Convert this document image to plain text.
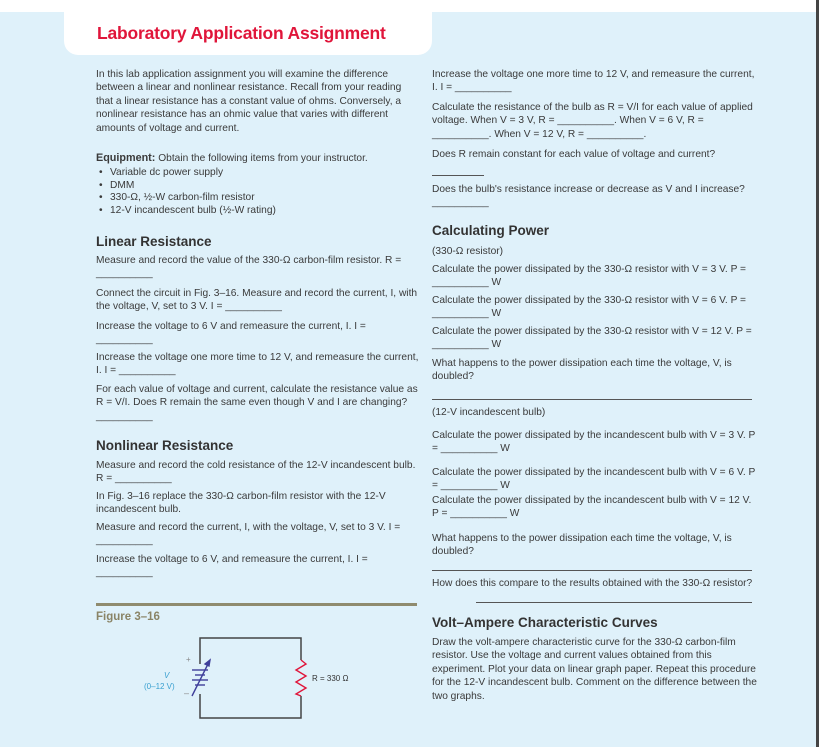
Laboratory Application Assignment

In this lab application assignment you will examine the difference between a linear and nonlinear resistance. Recall from your reading that a linear resistance has a constant value of ohms. Conversely, a nonlinear resistance has an ohmic value that varies with different amounts of voltage and current.

Equipment: Obtain the following items from your instructor.

• Variable dc power supply
• DMM
• 330-Ω, ½-W carbon-film resistor
• 12-V incandescent bulb (½-W rating)
Linear Resistance

Measure and record the value of the 330-Ω carbon-film resistor. R = __________

Connect the circuit in Fig. 3–16. Measure and record the current, I, with the voltage, V, set to 3 V. I = __________

Increase the voltage to 6 V and remeasure the current, I. I = __________

Increase the voltage one more time to 12 V, and remeasure the current, I. I = __________

For each value of voltage and current, calculate the resistance value as R = V/I. Does R remain the same even though V and I are changing? __________

Nonlinear Resistance

Measure and record the cold resistance of the 12-V incandescent bulb. R = __________

In Fig. 3–16 replace the 330-Ω carbon-film resistor with the 12-V incandescent bulb.

Measure and record the current, I, with the voltage, V, set to 3 V. I = __________

Increase the voltage to 6 V, and remeasure the current, I. I = __________

Figure 3–16
+
–
V
(0–12 V)
R = 330 Ω

Increase the voltage one more time to 12 V, and remeasure the current, I. I = __________

Calculate the resistance of the bulb as R = V/I for each value of applied voltage. When V = 3 V, R = __________. When V = 6 V, R = __________. When V = 12 V, R = __________.

Does R remain constant for each value of voltage and current?

Does the bulb's resistance increase or decrease as V and I increase? __________

Calculating Power

(330-Ω resistor)

Calculate the power dissipated by the 330-Ω resistor with V = 3 V. P = __________ W

Calculate the power dissipated by the 330-Ω resistor with V = 6 V. P = __________ W

Calculate the power dissipated by the 330-Ω resistor with V = 12 V. P = __________ W

What happens to the power dissipation each time the voltage, V, is doubled?

(12-V incandescent bulb)

Calculate the power dissipated by the incandescent bulb with V = 3 V. P = __________ W

Calculate the power dissipated by the incandescent bulb with V = 6 V. P = __________ W

Calculate the power dissipated by the incandescent bulb with V = 12 V. P = __________ W

What happens to the power dissipation each time the voltage, V, is doubled?

How does this compare to the results obtained with the 330-Ω resistor?

Volt–Ampere Characteristic Curves

Draw the volt-ampere characteristic curve for the 330-Ω carbon-film resistor. Use the voltage and current values obtained from this experiment. Plot your data on linear graph paper. Repeat this procedure for the 12-V incandescent bulb. Comment on the difference between the two graphs.
